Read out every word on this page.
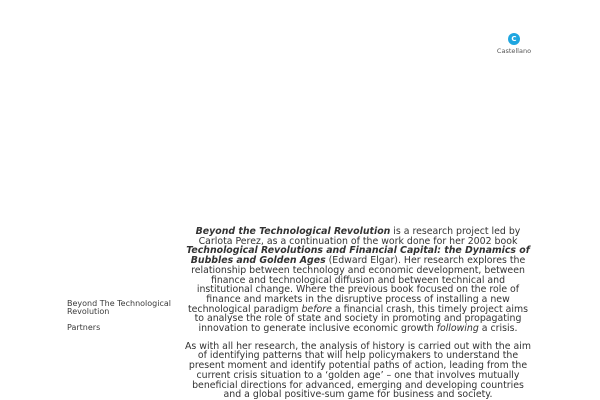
C
Castellano
Beyond The Technological Revolution
Partners

Beyond the Technological Revolution is a research project led by Carlota Perez, as a continuation of the work done for her 2002 book Technological Revolutions and Financial Capital: the Dynamics of Bubbles and Golden Ages (Edward Elgar). Her research explores the relationship between technology and economic development, between finance and technological diffusion and between technical and institutional change. Where the previous book focused on the role of finance and markets in the disruptive process of installing a new technological paradigm before a financial crash, this timely project aims to analyse the role of state and society in promoting and propagating innovation to generate inclusive economic growth following a crisis.

As with all her research, the analysis of history is carried out with the aim of identifying patterns that will help policymakers to understand the present moment and identify potential paths of action, leading from the current crisis situation to a ‘golden age’ – one that involves mutually beneficial directions for advanced, emerging and developing countries and a global positive-sum game for business and society.
